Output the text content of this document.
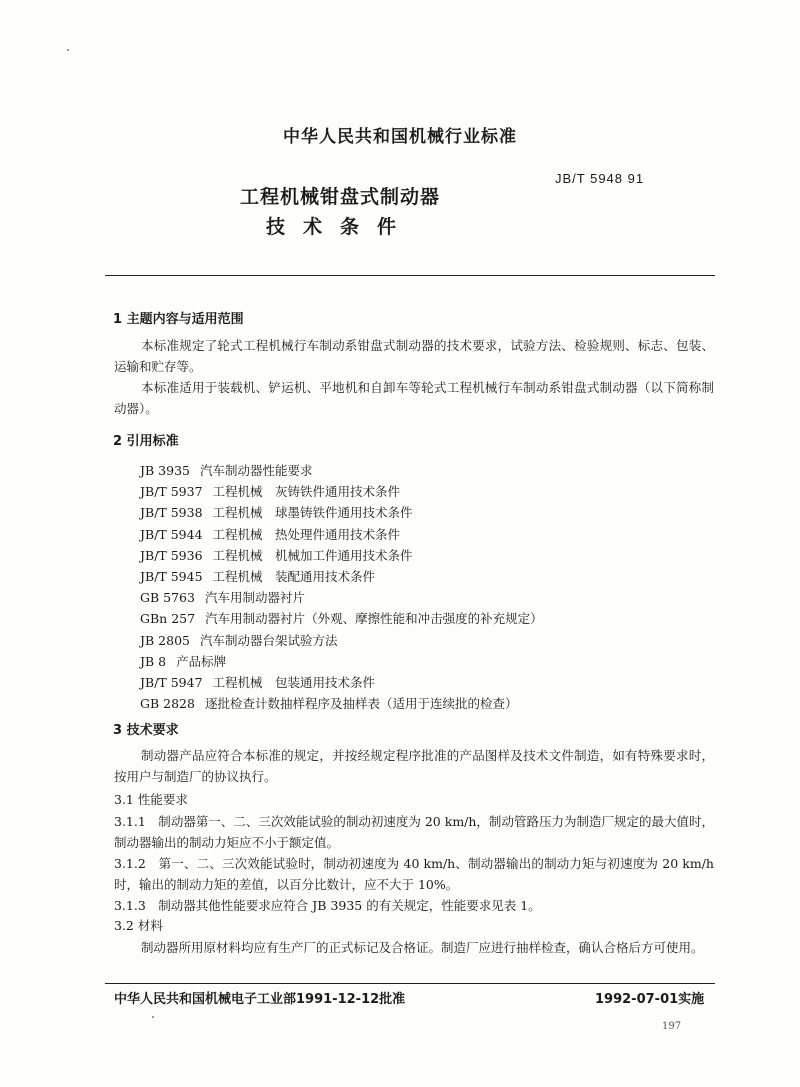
中华人民共和国机械行业标准
JB/T 5948 91
工程机械钳盘式制动器
技术条件
1 主题内容与适用范围
本标准规定了轮式工程机械行车制动系钳盘式制动器的技术要求，试验方法、检验规则、标志、包装、运输和贮存等。
本标准适用于装载机、铲运机、平地机和自卸车等轮式工程机械行车制动系钳盘式制动器（以下简称制动器）。
2 引用标准
JB 3935 汽车制动器性能要求
JB/T 5937 工程机械　灰铸铁件通用技术条件
JB/T 5938 工程机械　球墨铸铁件通用技术条件
JB/T 5944 工程机械　热处理件通用技术条件
JB/T 5936 工程机械　机械加工件通用技术条件
JB/T 5945 工程机械　装配通用技术条件
GB 5763 汽车用制动器衬片
GBn 257 汽车用制动器衬片（外观、摩擦性能和冲击强度的补充规定）
JB 2805 汽车制动器台架试验方法
JB 8 产品标牌
JB/T 5947 工程机械　包装通用技术条件
GB 2828 逐批检查计数抽样程序及抽样表（适用于连续批的检查）
3 技术要求
制动器产品应符合本标准的规定，并按经规定程序批准的产品图样及技术文件制造，如有特殊要求时，按用户与制造厂的协议执行。
3.1 性能要求
3.1.1　制动器第一、二、三次效能试验的制动初速度为 20 km/h，制动管路压力为制造厂规定的最大值时，制动器输出的制动力矩应不小于额定值。
3.1.2　第一、二、三次效能试验时，制动初速度为 40 km/h、制动器输出的制动力矩与初速度为 20 km/h 时，输出的制动力矩的差值，以百分比数计，应不大于 10%。
3.1.3　制动器其他性能要求应符合 JB 3935 的有关规定，性能要求见表 1。
3.2 材料
制动器所用原材料均应有生产厂的正式标记及合格证。制造厂应进行抽样检查，确认合格后方可使用。
中华人民共和国机械电子工业部1991-12-12批准	1992-07-01实施
197
